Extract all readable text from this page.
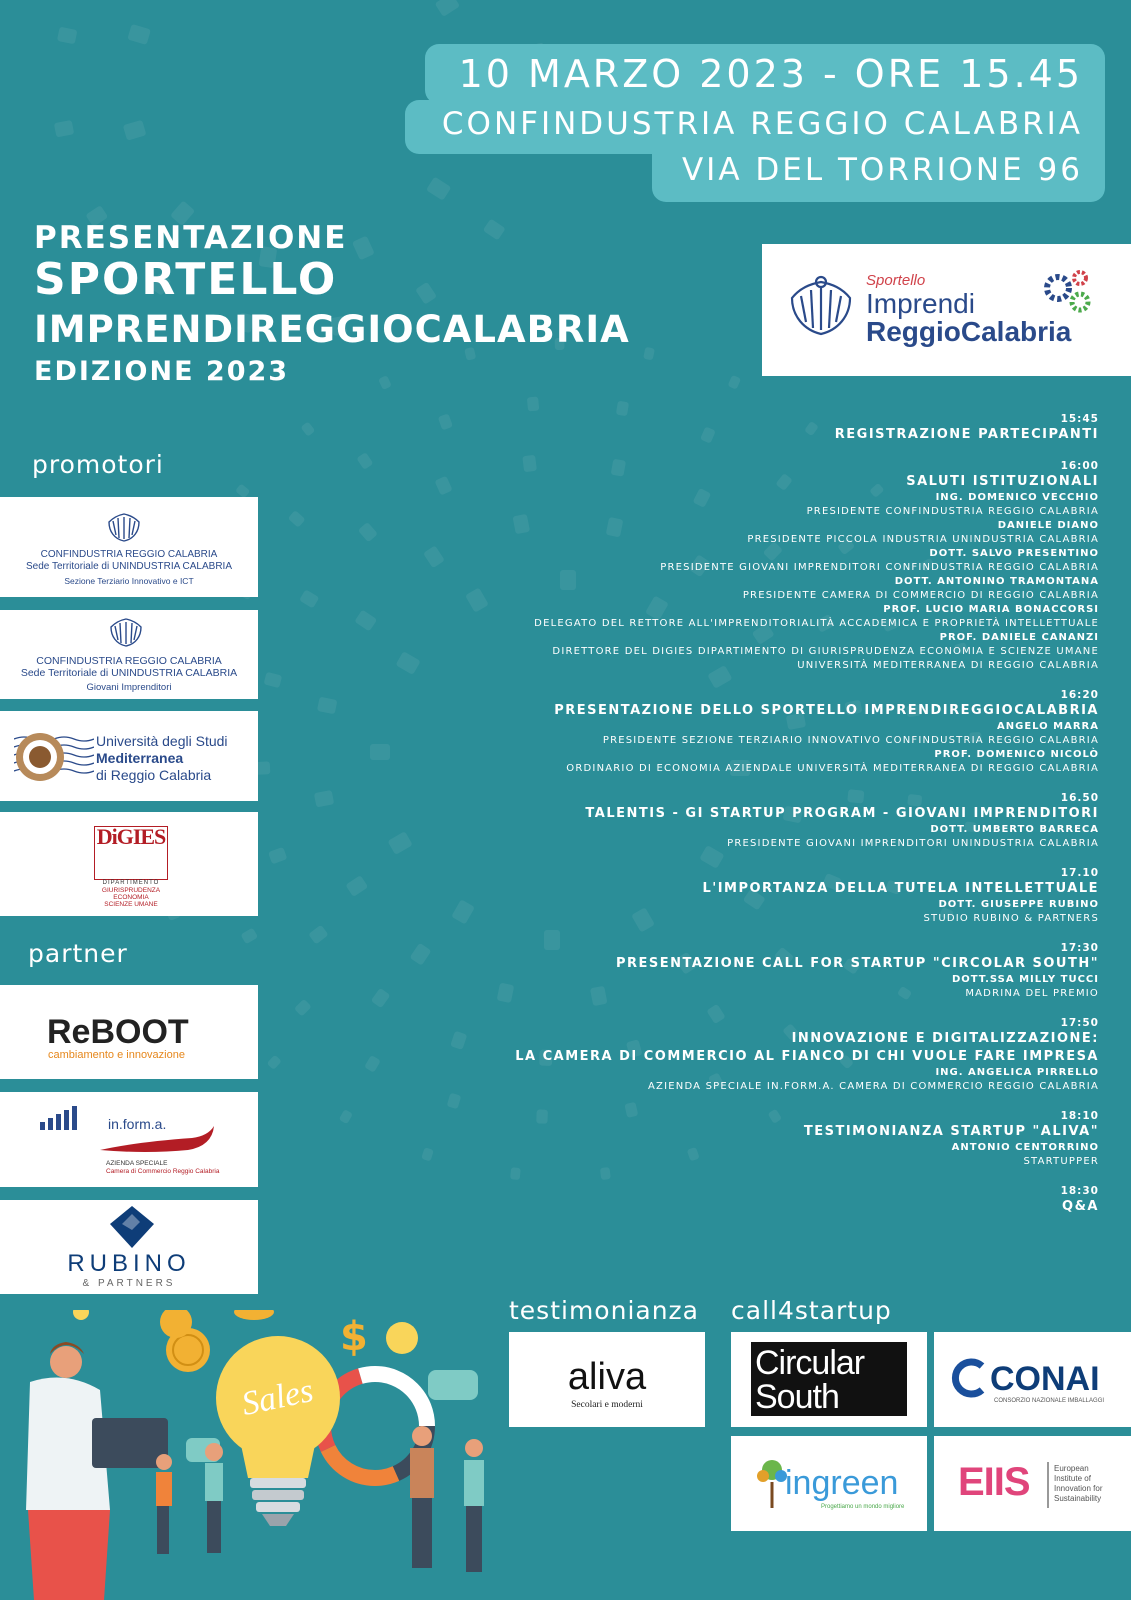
10 MARZO 2023 - ORE 15.45
CONFINDUSTRIA REGGIO CALABRIA
VIA DEL TORRIONE 96
PRESENTAZIONE
SPORTELLO
IMPRENDIREGGIOCALABRIA
EDIZIONE 2023
Sportello
Imprendi
ReggioCalabria
promotori
partner
testimonianza call4startup
CONFINDUSTRIA REGGIO CALABRIA
Sede Territoriale di UNINDUSTRIA CALABRIA
Sezione Terziario Innovativo e ICT
CONFINDUSTRIA REGGIO CALABRIA
Sede Territoriale di UNINDUSTRIA CALABRIA
Giovani Imprenditori
Università degli Studi
Mediterranea
di Reggio Calabria
DiGIES
DIPARTIMENTO
GIURISPRUDENZA
ECONOMIA
SCIENZE UMANE
ReBOOT
cambiamento e innovazione
in.form.a.
AZIENDA SPECIALE
Camera di Commercio Reggio Calabria
RUBINO
& PARTNERS
aliva
Secolari e moderni
Circular
South	CONAI
CONSORZIO NAZIONALE IMBALLAGGI
ingreen
Progettiamo un mondo migliore
EIIS	European
Institute of
Innovation for
Sustainability
Sales
$
15:45
REGISTRAZIONE PARTECIPANTI
16:00
SALUTI ISTITUZIONALI
ING. DOMENICO VECCHIO
PRESIDENTE CONFINDUSTRIA REGGIO CALABRIA
DANIELE DIANO
PRESIDENTE PICCOLA INDUSTRIA UNINDUSTRIA CALABRIA
DOTT. SALVO PRESENTINO
PRESIDENTE GIOVANI IMPRENDITORI CONFINDUSTRIA REGGIO CALABRIA
DOTT. ANTONINO TRAMONTANA
PRESIDENTE CAMERA DI COMMERCIO DI REGGIO CALABRIA
PROF. LUCIO MARIA BONACCORSI
DELEGATO DEL RETTORE ALL'IMPRENDITORIALITÀ ACCADEMICA E PROPRIETÀ INTELLETTUALE
PROF. DANIELE CANANZI
DIRETTORE DEL DIGIES DIPARTIMENTO DI GIURISPRUDENZA ECONOMIA E SCIENZE UMANE
UNIVERSITÀ MEDITERRANEA DI REGGIO CALABRIA
16:20
PRESENTAZIONE DELLO SPORTELLO IMPRENDIREGGIOCALABRIA
ANGELO MARRA
PRESIDENTE SEZIONE TERZIARIO INNOVATIVO CONFINDUSTRIA REGGIO CALABRIA
PROF. DOMENICO NICOLÒ
ORDINARIO DI ECONOMIA AZIENDALE UNIVERSITÀ MEDITERRANEA DI REGGIO CALABRIA
16.50
TALENTIS - GI STARTUP PROGRAM - GIOVANI IMPRENDITORI
DOTT. UMBERTO BARRECA
PRESIDENTE GIOVANI IMPRENDITORI UNINDUSTRIA CALABRIA
17.10
L'IMPORTANZA DELLA TUTELA INTELLETTUALE
DOTT. GIUSEPPE RUBINO
STUDIO RUBINO & PARTNERS
17:30
PRESENTAZIONE CALL FOR STARTUP "CIRCOLAR SOUTH"
DOTT.SSA MILLY TUCCI
MADRINA DEL PREMIO
17:50
INNOVAZIONE E DIGITALIZZAZIONE:
LA CAMERA DI COMMERCIO AL FIANCO DI CHI VUOLE FARE IMPRESA
ING. ANGELICA PIRRELLO
AZIENDA SPECIALE IN.FORM.A. CAMERA DI COMMERCIO REGGIO CALABRIA
18:10
TESTIMONIANZA STARTUP "ALIVA"
ANTONIO CENTORRINO
STARTUPPER
18:30
Q&A
